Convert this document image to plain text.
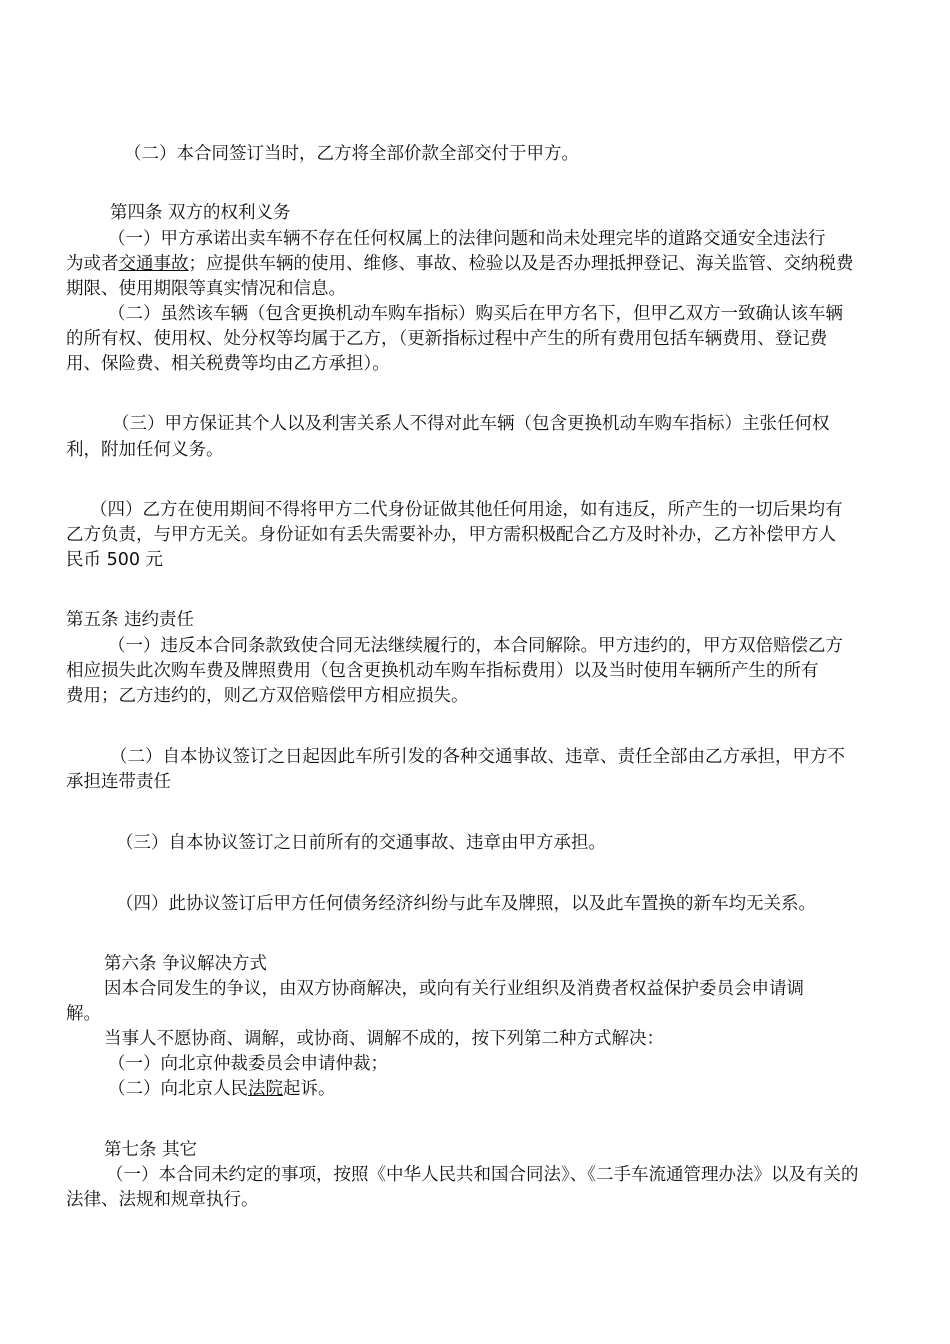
（二）本合同签订当时，乙方将全部价款全部交付于甲方。

第四条 双方的权利义务

（一）甲方承诺出卖车辆不存在任何权属上的法律问题和尚未处理完毕的道路交通安全违法行

为或者交通事故；应提供车辆的使用、维修、事故、检验以及是否办理抵押登记、海关监管、交纳税费

期限、使用期限等真实情况和信息。

（二）虽然该车辆（包含更换机动车购车指标）购买后在甲方名下，但甲乙双方一致确认该车辆

的所有权、使用权、处分权等均属于乙方，（更新指标过程中产生的所有费用包括车辆费用、登记费

用、保险费、相关税费等均由乙方承担）。

（三）甲方保证其个人以及利害关系人不得对此车辆（包含更换机动车购车指标）主张任何权

利，附加任何义务。

（四）乙方在使用期间不得将甲方二代身份证做其他任何用途，如有违反，所产生的一切后果均有

乙方负责，与甲方无关。身份证如有丢失需要补办，甲方需积极配合乙方及时补办，乙方补偿甲方人

民币 500 元

第五条 违约责任

（一）违反本合同条款致使合同无法继续履行的，本合同解除。甲方违约的，甲方双倍赔偿乙方

相应损失此次购车费及牌照费用（包含更换机动车购车指标费用）以及当时使用车辆所产生的所有

费用；乙方违约的，则乙方双倍赔偿甲方相应损失。

（二）自本协议签订之日起因此车所引发的各种交通事故、违章、责任全部由乙方承担，甲方不

承担连带责任

（三）自本协议签订之日前所有的交通事故、违章由甲方承担。

（四）此协议签订后甲方任何债务经济纠纷与此车及牌照，以及此车置换的新车均无关系。

第六条 争议解决方式

因本合同发生的争议，由双方协商解决，或向有关行业组织及消费者权益保护委员会申请调

解。

当事人不愿协商、调解，或协商、调解不成的，按下列第二种方式解决：

（一）向北京仲裁委员会申请仲裁；

（二）向北京人民法院起诉。

第七条 其它

（一）本合同未约定的事项，按照《中华人民共和国合同法》、《二手车流通管理办法》以及有关的

法律、法规和规章执行。
